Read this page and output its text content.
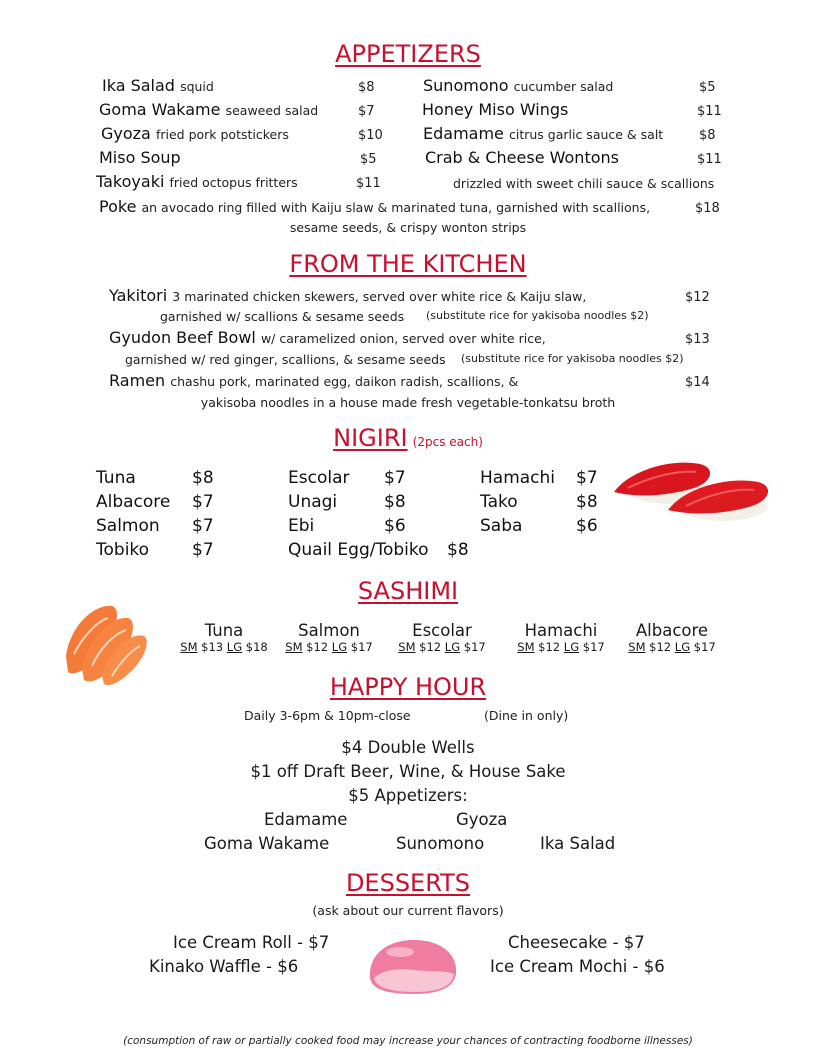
APPETIZERS
Ika Salad squid	$8
Goma Wakame seaweed salad	$7
Gyoza fried pork potstickers	$10
Miso Soup	$5
Takoyaki fried octopus fritters	$11
Sunomono cucumber salad	$5
Honey Miso Wings	$11
Edamame citrus garlic sauce & salt	$8
Crab & Cheese Wontons	$11
drizzled with sweet chili sauce & scallions
Poke an avocado ring filled with Kaiju slaw & marinated tuna, garnished with scallions,	$18
sesame seeds, & crispy wonton strips
FROM THE KITCHEN
Yakitori 3 marinated chicken skewers, served over white rice & Kaiju slaw,	$12
garnished w/ scallions & sesame seeds (substitute rice for yakisoba noodles $2)
Gyudon Beef Bowl w/ caramelized onion, served over white rice,	$13
garnished w/ red ginger, scallions, & sesame seeds (substitute rice for yakisoba noodles $2)
Ramen chashu pork, marinated egg, daikon radish, scallions, &	$14
yakisoba noodles in a house made fresh vegetable-tonkatsu broth
NIGIRI (2pcs each)
Tuna	$8
Albacore $7
Salmon $7
Tobiko	$7
Escolar $7
Unagi	$8
Ebi	$6
Quail Egg/Tobiko $8
Hamachi $7
Tako	$8
Saba	$6
SASHIMI
Tuna
SM $13 LG $18
Salmon
SM $12 LG $17
Escolar
SM $12 LG $17
Hamachi
SM $12 LG $17
Albacore
SM $12 LG $17
HAPPY HOUR
Daily 3-6pm & 10pm-close	(Dine in only)
$4 Double Wells
$1 off Draft Beer, Wine, & House Sake
$5 Appetizers:
Edamame	Gyoza
Goma Wakame	Sunomono	Ika Salad
DESSERTS
(ask about our current flavors)
Ice Cream Roll - $7
Kinako Waffle - $6
Cheesecake - $7
Ice Cream Mochi - $6
(consumption of raw or partially cooked food may increase your chances of contracting foodborne illnesses)
